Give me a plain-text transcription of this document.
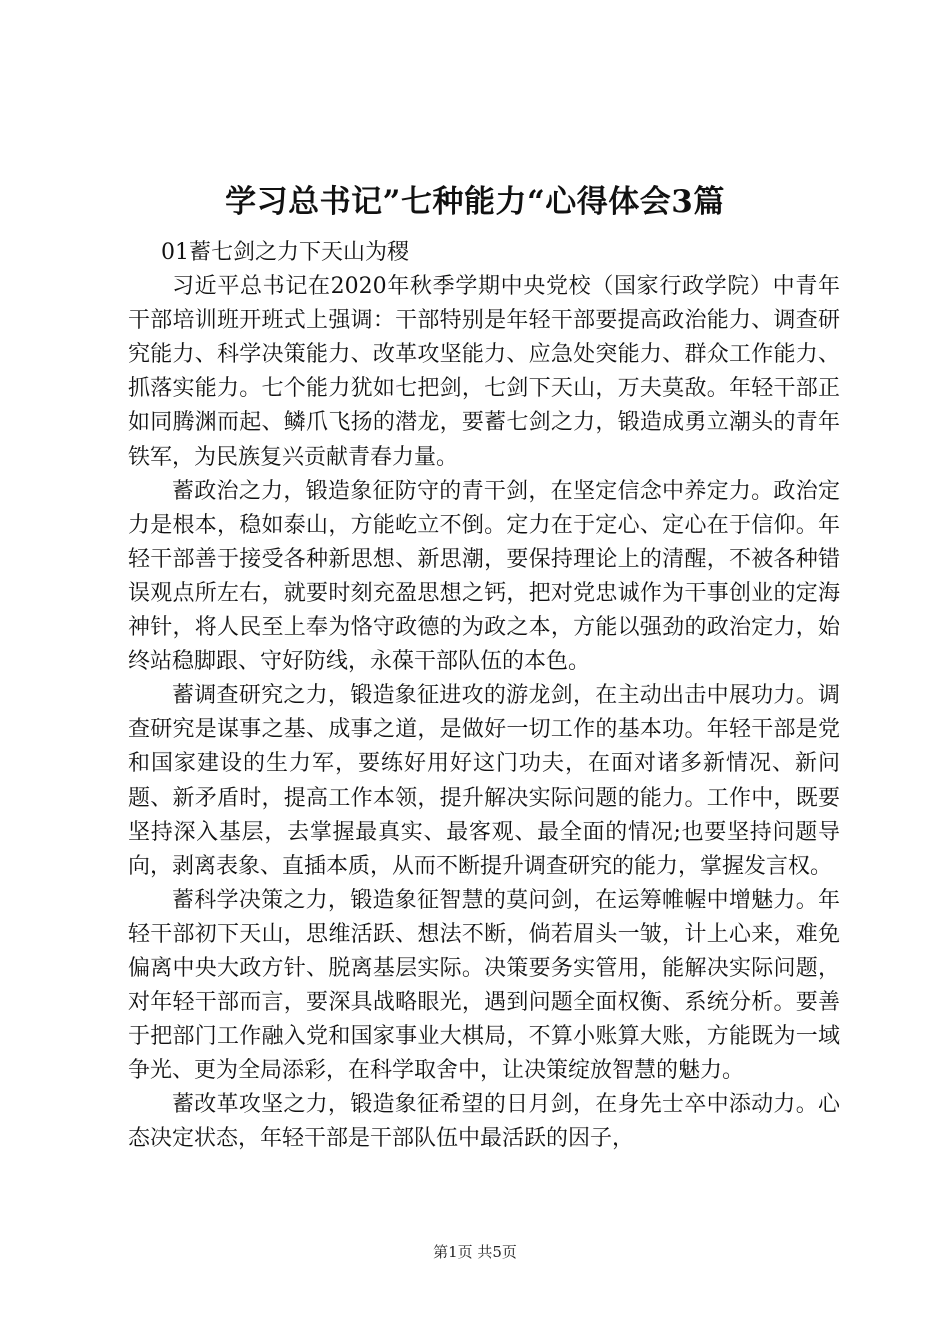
学习总书记”七种能力“心得体会3篇

01蓄七剑之力下天山为稷

习近平总书记在2020年秋季学期中央党校（国家行政学院）中青年干部培训班开班式上强调：干部特别是年轻干部要提高政治能力、调查研究能力、科学决策能力、改革攻坚能力、应急处突能力、群众工作能力、抓落实能力。七个能力犹如七把剑，七剑下天山，万夫莫敌。年轻干部正如同腾渊而起、鳞爪飞扬的潜龙，要蓄七剑之力，锻造成勇立潮头的青年铁军，为民族复兴贡献青春力量。

蓄政治之力，锻造象征防守的青干剑，在坚定信念中养定力。政治定力是根本，稳如泰山，方能屹立不倒。定力在于定心、定心在于信仰。年轻干部善于接受各种新思想、新思潮，要保持理论上的清醒，不被各种错误观点所左右，就要时刻充盈思想之钙，把对党忠诚作为干事创业的定海神针，将人民至上奉为恪守政德的为政之本，方能以强劲的政治定力，始终站稳脚跟、守好防线，永葆干部队伍的本色。

蓄调查研究之力，锻造象征进攻的游龙剑，在主动出击中展功力。调查研究是谋事之基、成事之道，是做好一切工作的基本功。年轻干部是党和国家建设的生力军，要练好用好这门功夫，在面对诸多新情况、新问题、新矛盾时，提高工作本领，提升解决实际问题的能力。工作中，既要坚持深入基层，去掌握最真实、最客观、最全面的情况;也要坚持问题导向，剥离表象、直插本质，从而不断提升调查研究的能力，掌握发言权。

蓄科学决策之力，锻造象征智慧的莫问剑，在运筹帷幄中增魅力。年轻干部初下天山，思维活跃、想法不断，倘若眉头一皱，计上心来，难免偏离中央大政方针、脱离基层实际。决策要务实管用，能解决实际问题，对年轻干部而言，要深具战略眼光，遇到问题全面权衡、系统分析。要善于把部门工作融入党和国家事业大棋局，不算小账算大账，方能既为一域争光、更为全局添彩，在科学取舍中，让决策绽放智慧的魅力。

蓄改革攻坚之力，锻造象征希望的日月剑，在身先士卒中添动力。心态决定状态，年轻干部是干部队伍中最活跃的因子，

第1页 共5页
